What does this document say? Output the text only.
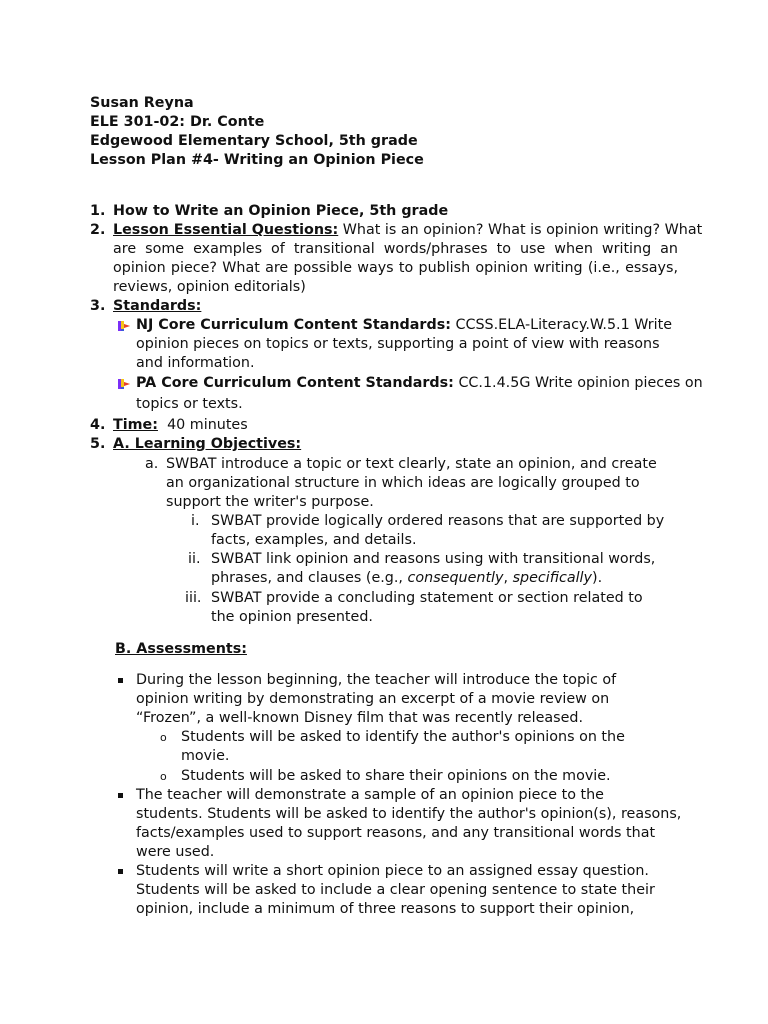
Susan Reyna
ELE 301-02: Dr. Conte
Edgewood Elementary School, 5th grade
Lesson Plan #4- Writing an Opinion Piece
1. How to Write an Opinion Piece, 5th grade
2. Lesson Essential Questions: What is an opinion? What is opinion writing? What
are some examples of transitional words/phrases to use when writing an
opinion piece? What are possible ways to publish opinion writing (i.e., essays,
reviews, opinion editorials)
3. Standards:
NJ Core Curriculum Content Standards: CCSS.ELA-Literacy.W.5.1 Write
opinion pieces on topics or texts, supporting a point of view with reasons
and information.
PA Core Curriculum Content Standards: CC.1.4.5G Write opinion pieces on
topics or texts.
4. Time: 40 minutes
5. A. Learning Objectives:
a. SWBAT introduce a topic or text clearly, state an opinion, and create
an organizational structure in which ideas are logically grouped to
support the writer's purpose.
i. SWBAT provide logically ordered reasons that are supported by
facts, examples, and details.
ii. SWBAT link opinion and reasons using with transitional words,
phrases, and clauses (e.g., consequently, specifically).
iii. SWBAT provide a concluding statement or section related to
the opinion presented.
B. Assessments:
During the lesson beginning, the teacher will introduce the topic of
opinion writing by demonstrating an excerpt of a movie review on
“Frozen”, a well-known Disney film that was recently released.
o Students will be asked to identify the author's opinions on the
movie.
o Students will be asked to share their opinions on the movie.
The teacher will demonstrate a sample of an opinion piece to the
students. Students will be asked to identify the author's opinion(s), reasons,
facts/examples used to support reasons, and any transitional words that
were used.
Students will write a short opinion piece to an assigned essay question.
Students will be asked to include a clear opening sentence to state their
opinion, include a minimum of three reasons to support their opinion,
